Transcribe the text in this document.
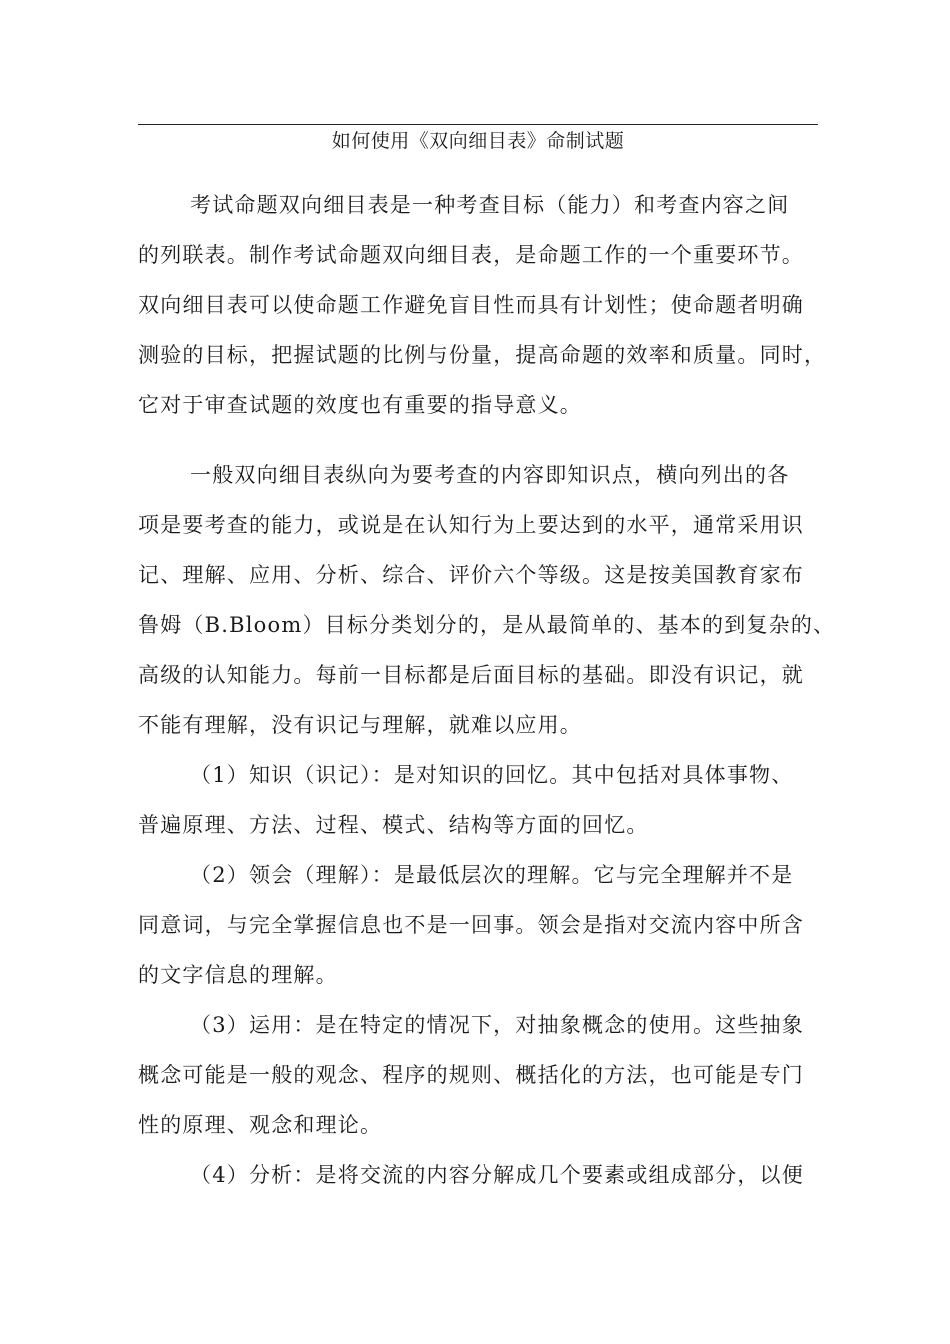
如何使用《双向细目表》命制试题
考试命题双向细目表是一种考查目标（能力）和考查内容之间
的列联表。制作考试命题双向细目表，是命题工作的一个重要环节。
双向细目表可以使命题工作避免盲目性而具有计划性；使命题者明确
测验的目标，把握试题的比例与份量，提高命题的效率和质量。同时，
它对于审查试题的效度也有重要的指导意义。
一般双向细目表纵向为要考查的内容即知识点，横向列出的各
项是要考查的能力，或说是在认知行为上要达到的水平，通常采用识
记、理解、应用、分析、综合、评价六个等级。这是按美国教育家布
鲁姆（B.Bloom）目标分类划分的，是从最简单的、基本的到复杂的、
高级的认知能力。每前一目标都是后面目标的基础。即没有识记，就
不能有理解，没有识记与理解，就难以应用。
（1）知识（识记）：是对知识的回忆。其中包括对具体事物、
普遍原理、方法、过程、模式、结构等方面的回忆。
（2）领会（理解）：是最低层次的理解。它与完全理解并不是
同意词，与完全掌握信息也不是一回事。领会是指对交流内容中所含
的文字信息的理解。
（3）运用：是在特定的情况下，对抽象概念的使用。这些抽象
概念可能是一般的观念、程序的规则、概括化的方法，也可能是专门
性的原理、观念和理论。
（4）分析：是将交流的内容分解成几个要素或组成部分，以便
